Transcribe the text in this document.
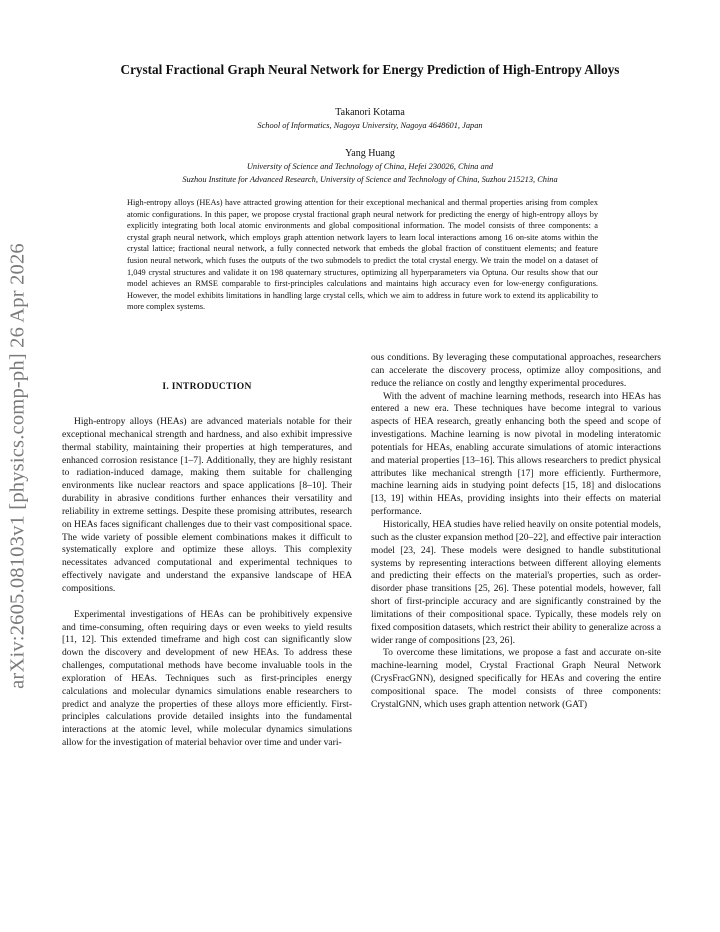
arXiv:2605.08103v1 [physics.comp-ph] 26 Apr 2026
Crystal Fractional Graph Neural Network for Energy Prediction of High-Entropy Alloys
Takanori Kotama
School of Informatics, Nagoya University, Nagoya 4648601, Japan
Yang Huang
University of Science and Technology of China, Hefei 230026, China and
Suzhou Institute for Advanced Research, University of Science and Technology of China, Suzhou 215213, China

High-entropy alloys (HEAs) have attracted growing attention for their exceptional mechanical and thermal properties arising from complex atomic configurations. In this paper, we propose crystal fractional graph neural network for predicting the energy of high-entropy alloys by explicitly integrating both local atomic environments and global compositional information. The model consists of three components: a crystal graph neural network, which employs graph attention network layers to learn local interactions among 16 on-site atoms within the crystal lattice; fractional neural network, a fully connected network that embeds the global fraction of constituent elements; and feature fusion neural network, which fuses the outputs of the two submodels to predict the total crystal energy. We train the model on a dataset of 1,049 crystal structures and validate it on 198 quaternary structures, optimizing all hyperparameters via Optuna. Our results show that our model achieves an RMSE comparable to first-principles calculations and maintains high accuracy even for low-energy configurations. However, the model exhibits limitations in handling large crystal cells, which we aim to address in future work to extend its applicability to more complex systems.

I. INTRODUCTION

High-entropy alloys (HEAs) are advanced materials notable for their exceptional mechanical strength and hardness, and also exhibit impressive thermal stability, maintaining their properties at high temperatures, and enhanced corrosion resistance [1–7]. Additionally, they are highly resistant to radiation-induced damage, making them suitable for challenging environments like nuclear reactors and space applications [8–10]. Their durability in abrasive conditions further enhances their versatility and reliability in extreme settings. Despite these promising attributes, research on HEAs faces significant challenges due to their vast compositional space. The wide variety of possible element combinations makes it difficult to systematically explore and optimize these alloys. This complexity necessitates advanced computational and experimental techniques to effectively navigate and understand the expansive landscape of HEA compositions.

Experimental investigations of HEAs can be prohibitively expensive and time-consuming, often requiring days or even weeks to yield results [11, 12]. This extended timeframe and high cost can significantly slow down the discovery and development of new HEAs. To address these challenges, computational methods have become invaluable tools in the exploration of HEAs. Techniques such as first-principles energy calculations and molecular dynamics simulations enable researchers to predict and analyze the properties of these alloys more efficiently. First-principles calculations provide detailed insights into the fundamental interactions at the atomic level, while molecular dynamics simulations allow for the investigation of material behavior over time and under vari-

ous conditions. By leveraging these computational approaches, researchers can accelerate the discovery process, optimize alloy compositions, and reduce the reliance on costly and lengthy experimental procedures.

With the advent of machine learning methods, research into HEAs has entered a new era. These techniques have become integral to various aspects of HEA research, greatly enhancing both the speed and scope of investigations. Machine learning is now pivotal in modeling interatomic potentials for HEAs, enabling accurate simulations of atomic interactions and material properties [13–16]. This allows researchers to predict physical attributes like mechanical strength [17] more efficiently. Furthermore, machine learning aids in studying point defects [15, 18] and dislocations [13, 19] within HEAs, providing insights into their effects on material performance.

Historically, HEA studies have relied heavily on onsite potential models, such as the cluster expansion method [20–22], and effective pair interaction model [23, 24]. These models were designed to handle substitutional systems by representing interactions between different alloying elements and predicting their effects on the material's properties, such as order-disorder phase transitions [25, 26]. These potential models, however, fall short of first-principle accuracy and are significantly constrained by the limitations of their compositional space. Typically, these models rely on fixed composition datasets, which restrict their ability to generalize across a wider range of compositions [23, 26].

To overcome these limitations, we propose a fast and accurate on-site machine-learning model, Crystal Fractional Graph Neural Network (CrysFracGNN), designed specifically for HEAs and covering the entire compositional space. The model consists of three components: CrystalGNN, which uses graph attention network (GAT)
